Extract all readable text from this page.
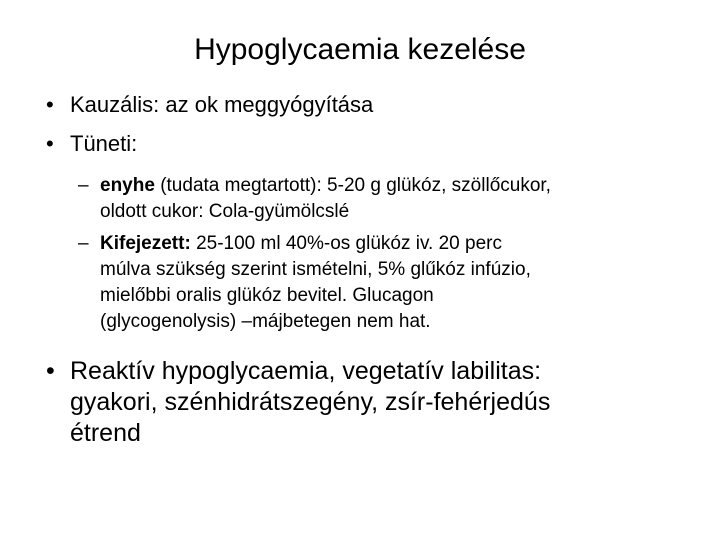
Hypoglycaemia kezelése
• Kauzális: az ok meggyógyítása
• Tüneti:
– enyhe (tudata megtartott): 5-20 g glükóz, szöllőcukor,
oldott cukor: Cola-gyümölcslé
– Kifejezett: 25-100 ml 40%-os glükóz iv. 20 perc
múlva szükség szerint ismételni, 5% glűkóz infúzio,
mielőbbi oralis glükóz bevitel. Glucagon
(glycogenolysis) –májbetegen nem hat.
• Reaktív hypoglycaemia, vegetatív labilitas:
gyakori, szénhidrátszegény, zsír-fehérjedús
étrend
